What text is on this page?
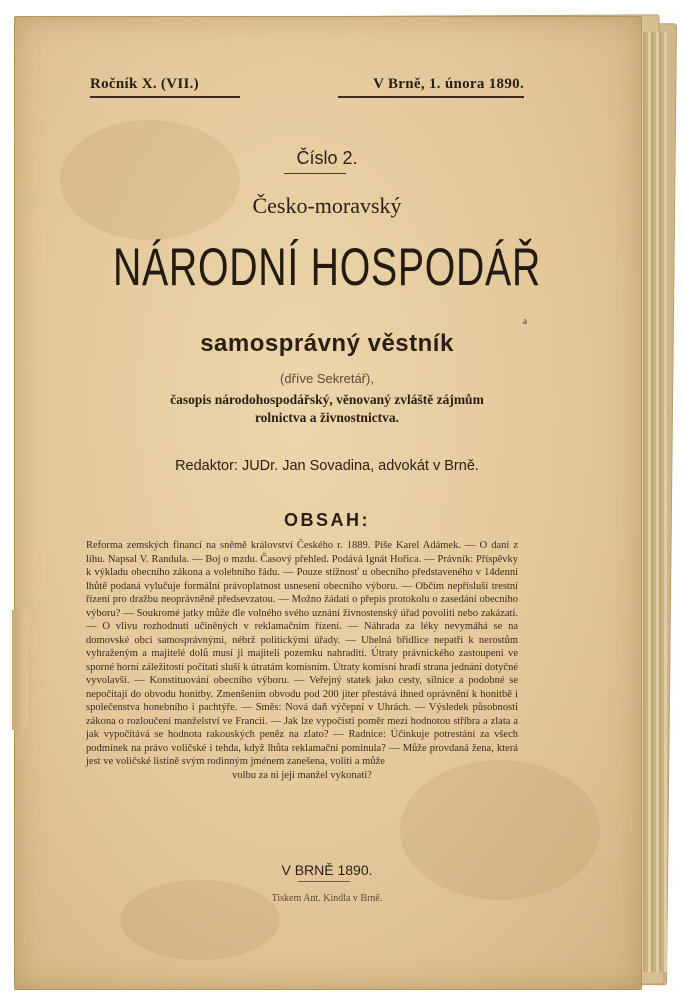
Ročník X. (VII.)	V Brně, 1. února 1890.
Číslo 2.
Česko-moravský
NÁRODNÍ HOSPODÁŘ
a
samosprávný věstník
(dříve Sekretář),
časopis národohospodářský, věnovaný zvláště zájmům
rolnictva a živnostnictva.
Redaktor: JUDr. Jan Sovadina, advokát v Brně.
OBSAH:
Reforma zemských financí na sněmě království Českého r. 1889. Píše Karel Adámek. — O dani z lihu. Napsal V. Randula. — Boj o mzdu. Časový přehled. Podává Ignát Hořica. — Právník: Příspěvky k výkladu obecního zákona a volebního řádu. — Pouze stížnosť u obecního představeného v 14denní lhůtě podaná vylučuje formální právoplatnost usnesení obecního výboru. — Občím nepřísluší trestní řízení pro dražbu neoprávněně předsevzatou. — Možno žádati o přepis protokolu o zasedání obecního výboru? — Soukromé jatky může dle volného svého uznání živnostenský úřad povoliti nebo zakázati. — O vlivu rozhodnutí učiněných v reklamačním řízení. — Náhrada za léky nevymáhá se na domovské obci samosprávnými, nébrž politickými úřady. — Uhelná břidlice nepatří k nerostům vyhraženým a majitelé dolů musí ji majiteli pozemku nahraditi. Útraty právnického zastoupení ve sporné horní záležitosti počítati sluší k útratám komisním. Útraty komisní hradí strana jednání dotyčné vyvolavší. — Konstituování obecního výboru. — Veřejný statek jako cesty, silnice a podobné se nepočítají do obvodu honitby. Zmenšením obvodu pod 200 jiter přestává ihned oprávnění k honitbě i společenstva honebního i pachtýře. — Směs: Nová daň výčepní v Uhrách. — Výsledek působnosti zákona o rozloučení manželství ve Francii. — Jak lze vypočísti poměr mezi hodnotou stříbra a zlata a jak vypočítává se hodnota rakouských peněz na zlato? — Radnice: Účinkuje potrestání za všech podmínek na právo voličské i tehda, když lhůta reklamační pominula? — Může provdaná žena, která jest ve voličské listině svým rodinným jménem zanešena, voliti a může
volbu za ni její manžel vykonati?
V BRNĚ 1890.
Tiskem Ant. Kindla v Brně.
